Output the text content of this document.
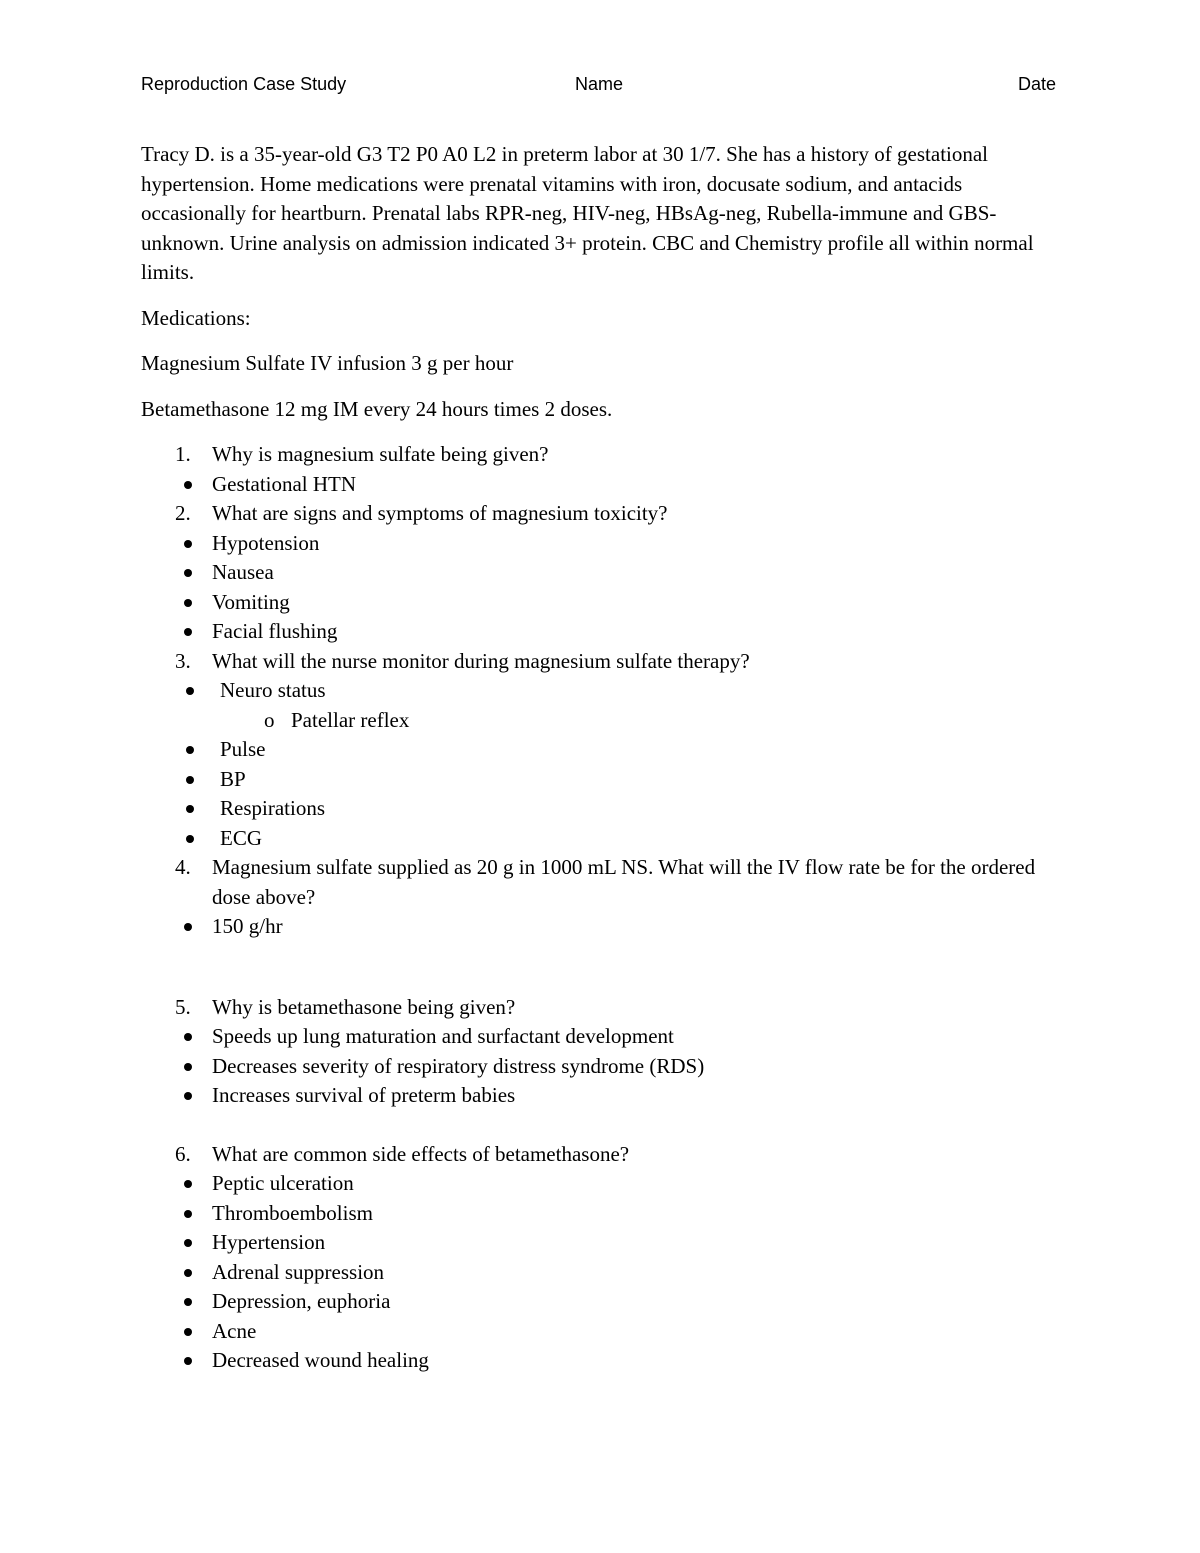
Reproduction Case Study	Name	Date

Tracy D. is a 35-year-old G3 T2 P0 A0 L2 in preterm labor at 30 1/7. She has a history of gestational hypertension. Home medications were prenatal vitamins with iron, docusate sodium, and antacids occasionally for heartburn. Prenatal labs RPR-neg, HIV-neg, HBsAg-neg, Rubella-immune and GBS-unknown. Urine analysis on admission indicated 3+ protein. CBC and Chemistry profile all within normal limits.

Medications:

Magnesium Sulfate IV infusion 3 g per hour

Betamethasone 12 mg IM every 24 hours times 2 doses.

1. Why is magnesium sulfate being given?
Gestational HTN
2. What are signs and symptoms of magnesium toxicity?
Hypotension
Nausea
Vomiting
Facial flushing
3. What will the nurse monitor during magnesium sulfate therapy?
Neuro status
o Patellar reflex
Pulse
BP
Respirations
ECG
4. Magnesium sulfate supplied as 20 g in 1000 mL NS. What will the IV flow rate be for the ordered dose above?
150 g/hr
5. Why is betamethasone being given?
Speeds up lung maturation and surfactant development
Decreases severity of respiratory distress syndrome (RDS)
Increases survival of preterm babies
6. What are common side effects of betamethasone?
Peptic ulceration
Thromboembolism
Hypertension
Adrenal suppression
Depression, euphoria
Acne
Decreased wound healing
